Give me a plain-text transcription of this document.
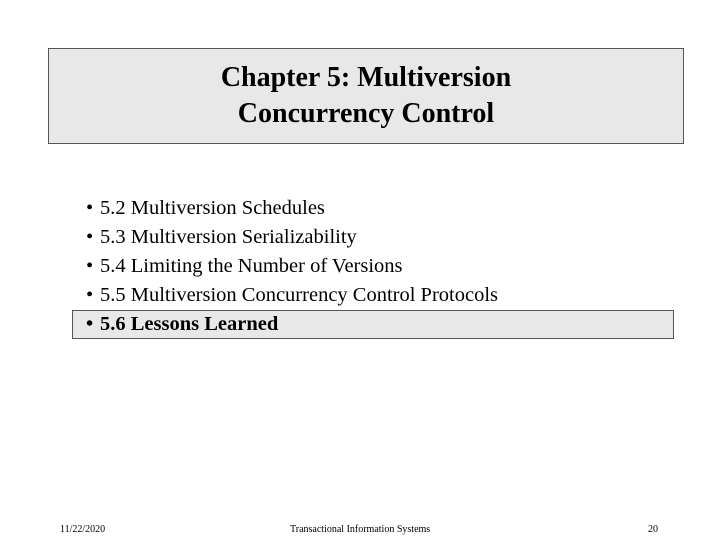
Chapter 5: Multiversion
Concurrency Control
• 5.2 Multiversion Schedules
• 5.3 Multiversion Serializability
• 5.4 Limiting the Number of Versions
• 5.5 Multiversion Concurrency Control Protocols
• 5.6 Lessons Learned
11/22/2020	Transactional Information Systems	20
